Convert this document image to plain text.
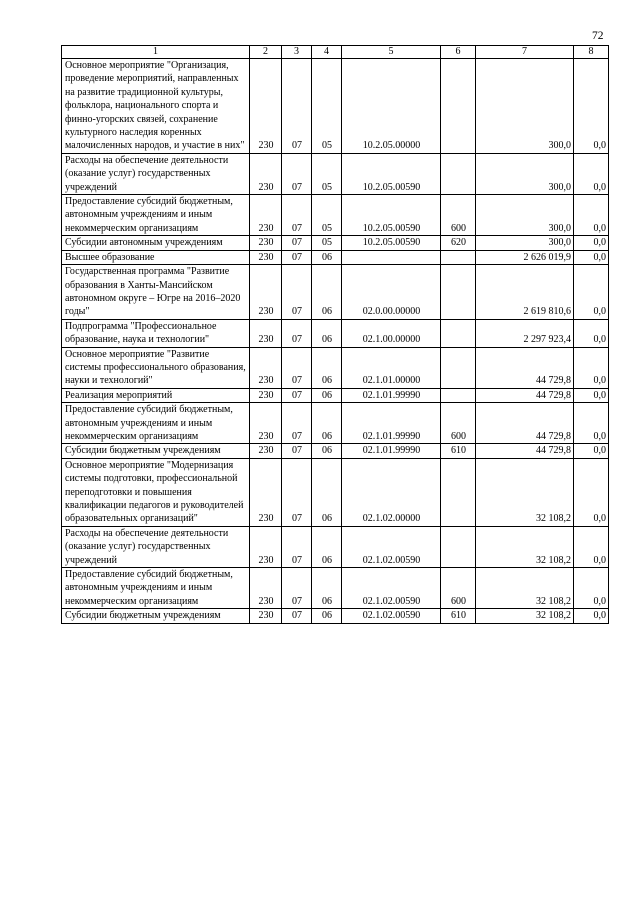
72
1	2	3	4	5	6	7	8
Основное мероприятие "Организация, проведение мероприятий, направленных на развитие традиционной культуры, фольклора, национального спорта и финно-угорских связей, сохранение культурного наследия коренных малочисленных народов, и участие в них"	230	07	05	10.2.05.00000		300,0	0,0
Расходы на обеспечение деятельности (оказание услуг) государственных учреждений	230	07	05	10.2.05.00590		300,0	0,0
Предоставление субсидий бюджетным, автономным учреждениям и иным некоммерческим организациям	230	07	05	10.2.05.00590	600	300,0	0,0
Субсидии автономным учреждениям	230	07	05	10.2.05.00590	620	300,0	0,0
Высшее образование	230	07	06			2 626 019,9	0,0
Государственная программа "Развитие образования в Ханты-Мансийском автономном округе – Югре на 2016–2020 годы"	230	07	06	02.0.00.00000		2 619 810,6	0,0
Подпрограмма "Профессиональное образование, наука и технологии"	230	07	06	02.1.00.00000		2 297 923,4	0,0
Основное мероприятие "Развитие системы профессионального образования, науки и технологий"	230	07	06	02.1.01.00000		44 729,8	0,0
Реализация мероприятий	230	07	06	02.1.01.99990		44 729,8	0,0
Предоставление субсидий бюджетным, автономным учреждениям и иным некоммерческим организациям	230	07	06	02.1.01.99990	600	44 729,8	0,0
Субсидии бюджетным учреждениям	230	07	06	02.1.01.99990	610	44 729,8	0,0
Основное мероприятие "Модернизация системы подготовки, профессиональной переподготовки и повышения квалификации педагогов и руководителей образовательных организаций"	230	07	06	02.1.02.00000		32 108,2	0,0
Расходы на обеспечение деятельности (оказание услуг) государственных учреждений	230	07	06	02.1.02.00590		32 108,2	0,0
Предоставление субсидий бюджетным, автономным учреждениям и иным некоммерческим организациям	230	07	06	02.1.02.00590	600	32 108,2	0,0
Субсидии бюджетным учреждениям	230	07	06	02.1.02.00590	610	32 108,2	0,0
